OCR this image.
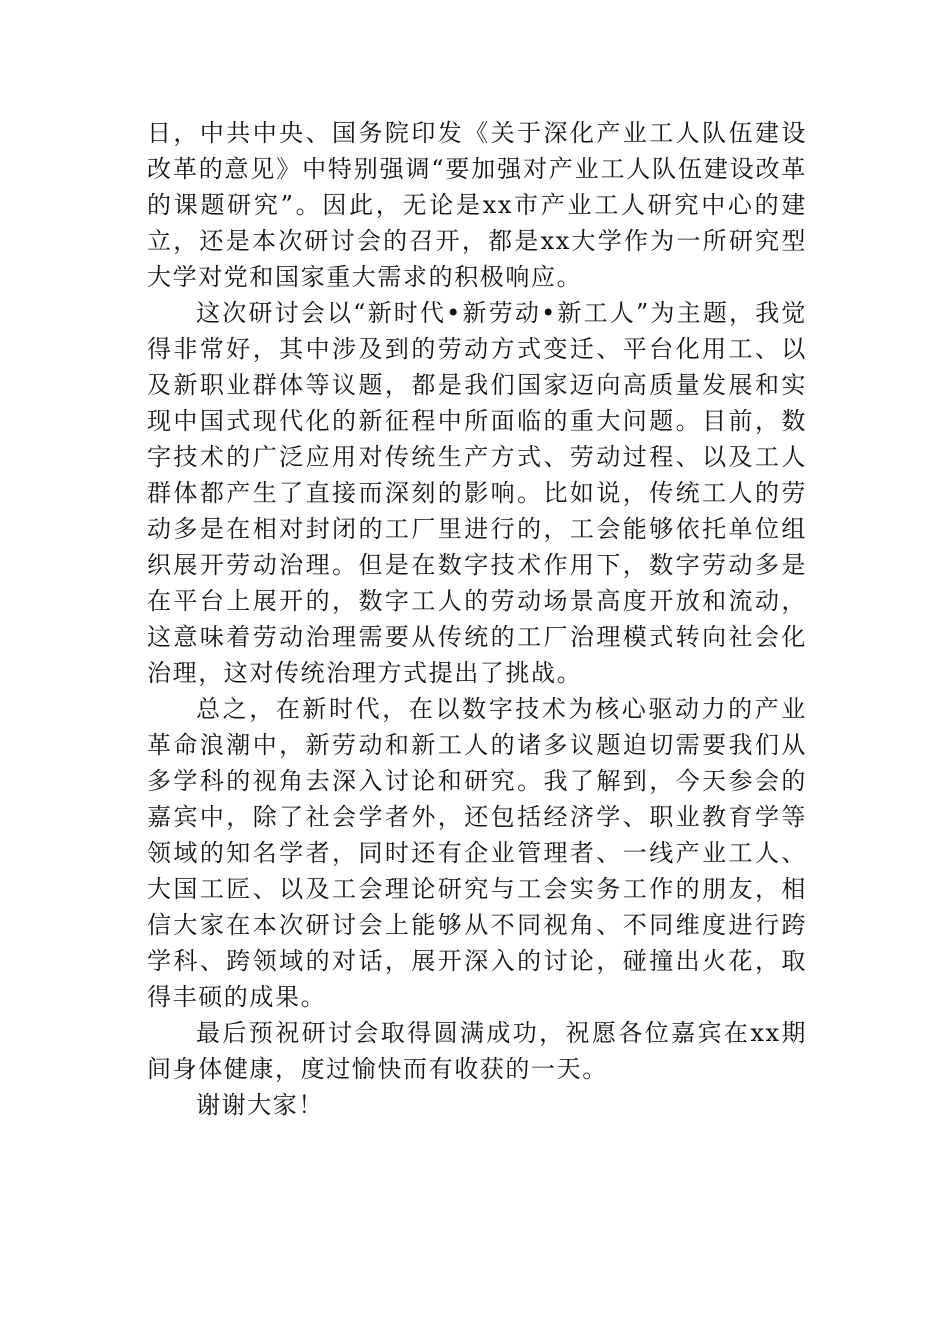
日，中共中央、国务院印发《关于深化产业工人队伍建设改革的意见》中特别强调“要加强对产业工人队伍建设改革的课题研究”。因此，无论是xx市产业工人研究中心的建立，还是本次研讨会的召开，都是xx大学作为一所研究型大学对党和国家重大需求的积极响应。

这次研讨会以“新时代•新劳动•新工人”为主题，我觉得非常好，其中涉及到的劳动方式变迁、平台化用工、以及新职业群体等议题，都是我们国家迈向高质量发展和实现中国式现代化的新征程中所面临的重大问题。目前，数字技术的广泛应用对传统生产方式、劳动过程、以及工人群体都产生了直接而深刻的影响。比如说，传统工人的劳动多是在相对封闭的工厂里进行的，工会能够依托单位组织展开劳动治理。但是在数字技术作用下，数字劳动多是在平台上展开的，数字工人的劳动场景高度开放和流动，这意味着劳动治理需要从传统的工厂治理模式转向社会化治理，这对传统治理方式提出了挑战。

总之，在新时代，在以数字技术为核心驱动力的产业革命浪潮中，新劳动和新工人的诸多议题迫切需要我们从多学科的视角去深入讨论和研究。我了解到，今天参会的嘉宾中，除了社会学者外，还包括经济学、职业教育学等领域的知名学者，同时还有企业管理者、一线产业工人、大国工匠、以及工会理论研究与工会实务工作的朋友，相信大家在本次研讨会上能够从不同视角、不同维度进行跨学科、跨领域的对话，展开深入的讨论，碰撞出火花，取得丰硕的成果。

最后预祝研讨会取得圆满成功，祝愿各位嘉宾在xx期间身体健康，度过愉快而有收获的一天。

谢谢大家！
